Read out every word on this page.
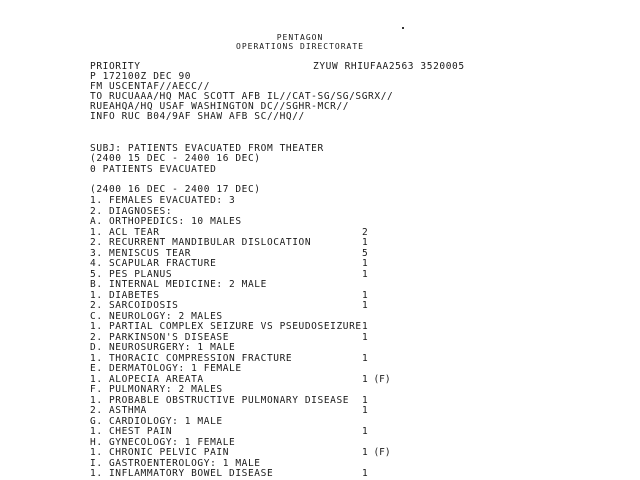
PENTAGON
OPERATIONS DIRECTORATE
PRIORITY	ZYUW RHIUFAA2563 3520005
P 172100Z DEC 90
FM USCENTAF//AECC//
TO RUCUAAA/HQ MAC SCOTT AFB IL//CAT-SG/SG/SGRX//
RUEAHQA/HQ USAF WASHINGTON DC//SGHR-MCR//
INFO RUC B04/9AF SHAW AFB SC//HQ//
SUBJ: PATIENTS EVACUATED FROM THEATER
(2400 15 DEC - 2400 16 DEC)
0 PATIENTS EVACUATED
(2400 16 DEC - 2400 17 DEC)
1. FEMALES EVACUATED: 3
2. DIAGNOSES:
A. ORTHOPEDICS: 10 MALES
1. ACL TEAR	2
2. RECURRENT MANDIBULAR DISLOCATION	1
3. MENISCUS TEAR	5
4. SCAPULAR FRACTURE	1
5. PES PLANUS	1
B. INTERNAL MEDICINE: 2 MALE
1. DIABETES	1
2. SARCOIDOSIS	1
C. NEUROLOGY: 2 MALES
1. PARTIAL COMPLEX SEIZURE VS PSEUDOSEIZURE 1
2. PARKINSON'S DISEASE	1
D. NEUROSURGERY: 1 MALE
1. THORACIC COMPRESSION FRACTURE	1
E. DERMATOLOGY: 1 FEMALE
1. ALOPECIA AREATA	1 (F)
F. PULMONARY: 2 MALES
1. PROBABLE OBSTRUCTIVE PULMONARY DISEASE 1
2. ASTHMA	1
G. CARDIOLOGY: 1 MALE
1. CHEST PAIN	1
H. GYNECOLOGY: 1 FEMALE
1. CHRONIC PELVIC PAIN	1 (F)
I. GASTROENTEROLOGY: 1 MALE
1. INFLAMMATORY BOWEL DISEASE	1
